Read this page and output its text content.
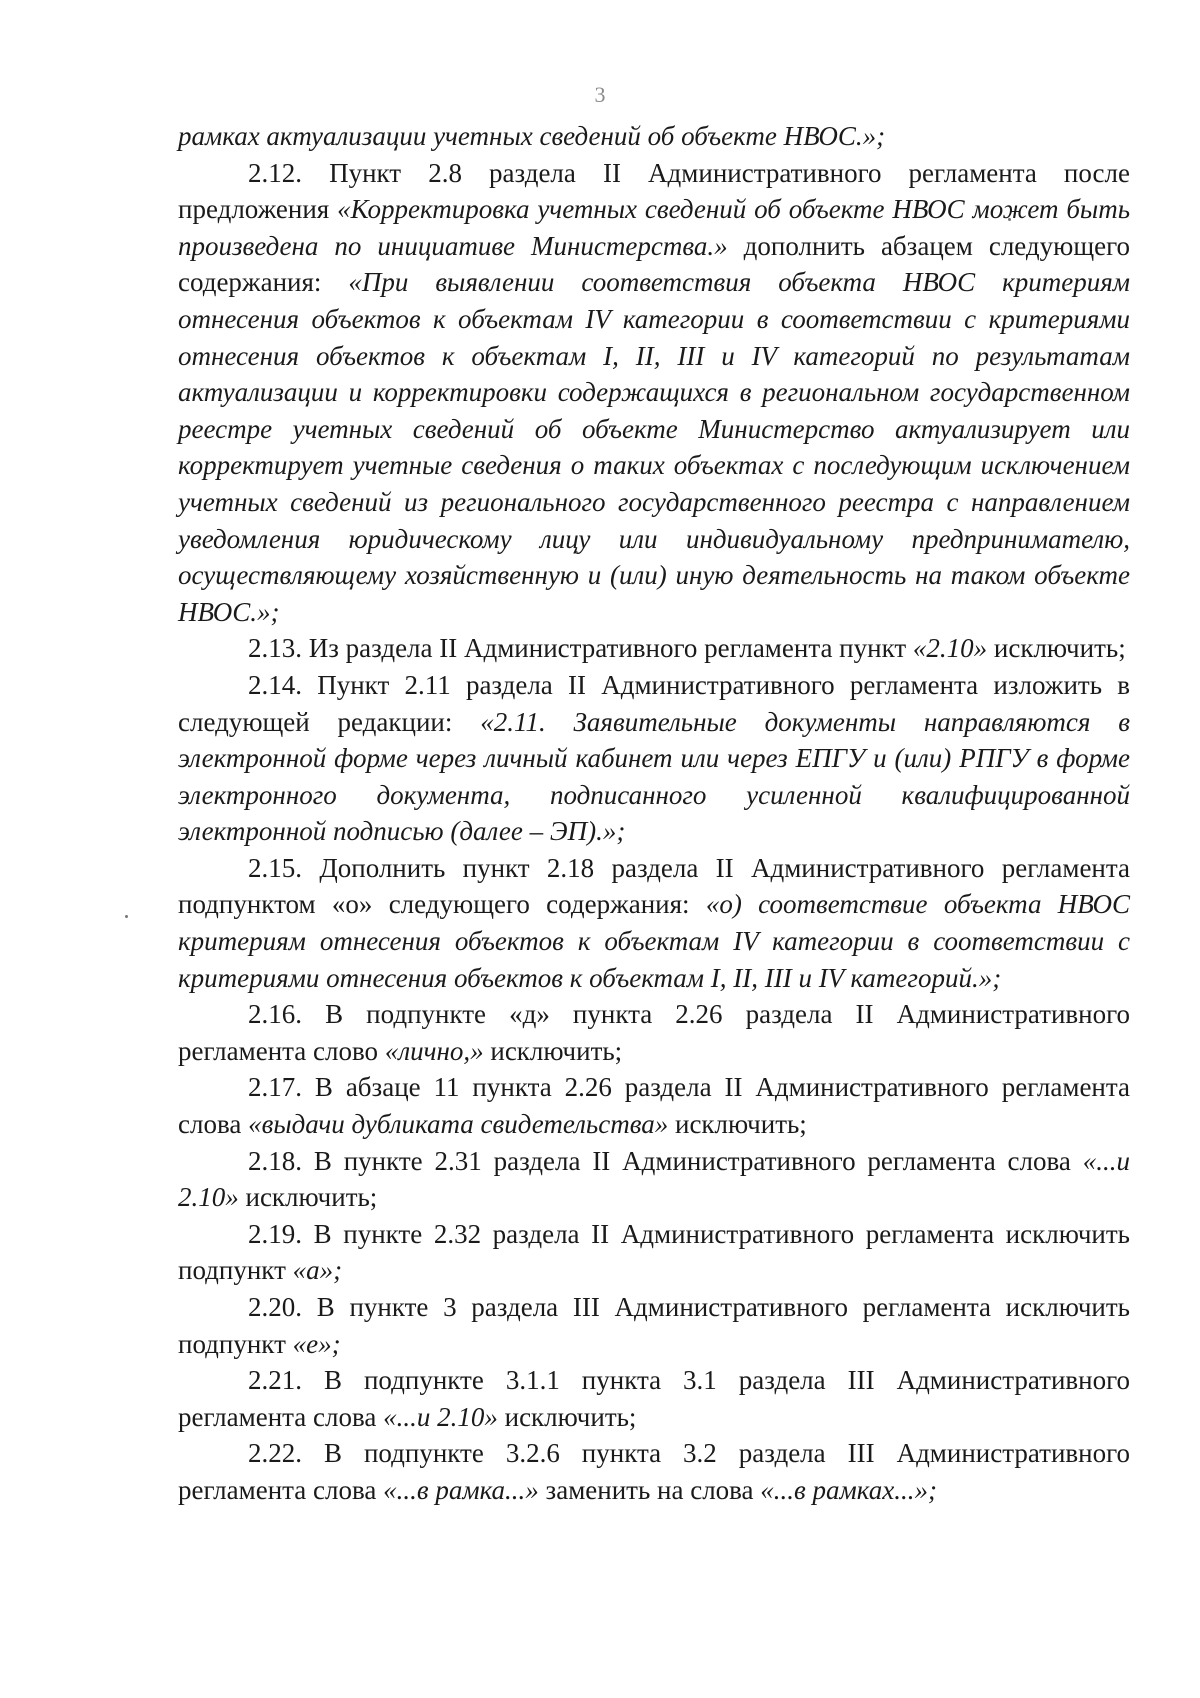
3

рамках актуализации учетных сведений об объекте НВОС.»;

2.12. Пункт 2.8 раздела II Административного регламента после предложения «Корректировка учетных сведений об объекте НВОС может быть произведена по инициативе Министерства.» дополнить абзацем следующего содержания: «При выявлении соответствия объекта НВОС критериям отнесения объектов к объектам IV категории в соответствии с критериями отнесения объектов к объектам I, II, III и IV категорий по результатам актуализации и корректировки содержащихся в региональном государственном реестре учетных сведений об объекте Министерство актуализирует или корректирует учетные сведения о таких объектах с последующим исключением учетных сведений из регионального государственного реестра с направлением уведомления юридическому лицу или индивидуальному предпринимателю, осуществляющему хозяйственную и (или) иную деятельность на таком объекте НВОС.»;

2.13. Из раздела II Административного регламента пункт «2.10» исключить;

2.14. Пункт 2.11 раздела II Административного регламента изложить в следующей редакции: «2.11. Заявительные документы направляются в электронной форме через личный кабинет или через ЕПГУ и (или) РПГУ в форме электронного документа, подписанного усиленной квалифицированной электронной подписью (далее – ЭП).»;

2.15. Дополнить пункт 2.18 раздела II Административного регламента подпунктом «о» следующего содержания: «о) соответствие объекта НВОС критериям отнесения объектов к объектам IV категории в соответствии с критериями отнесения объектов к объектам I, II, III и IV категорий.»;

2.16. В подпункте «д» пункта 2.26 раздела II Административного регламента слово «лично,» исключить;

2.17. В абзаце 11 пункта 2.26 раздела II Административного регламента слова «выдачи дубликата свидетельства» исключить;

2.18. В пункте 2.31 раздела II Административного регламента слова «...и 2.10» исключить;

2.19. В пункте 2.32 раздела II Административного регламента исключить подпункт «а»;

2.20. В пункте 3 раздела III Административного регламента исключить подпункт «е»;

2.21. В подпункте 3.1.1 пункта 3.1 раздела III Административного регламента слова «...и 2.10» исключить;

2.22. В подпункте 3.2.6 пункта 3.2 раздела III Административного регламента слова «...в рамка...» заменить на слова «...в рамках...»;
